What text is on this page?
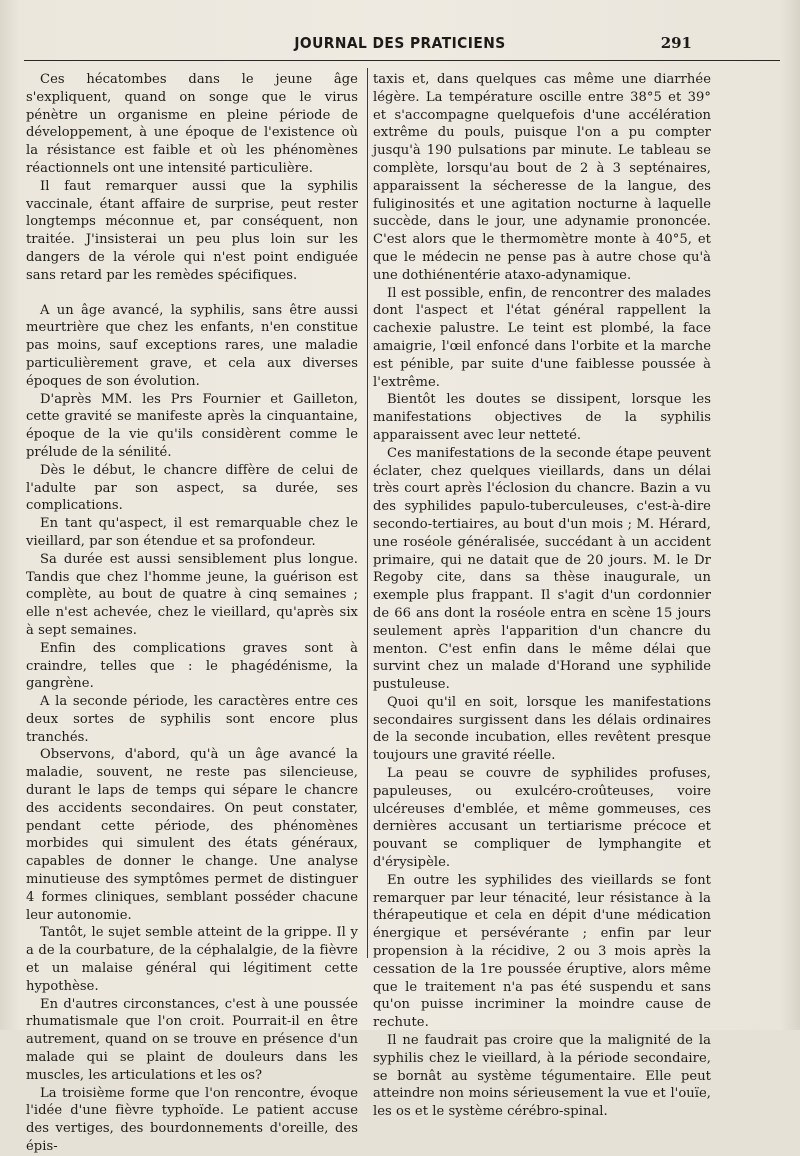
JOURNAL DES PRATICIENS	291

Ces hécatombes dans le jeune âge s'expliquent, quand on songe que le virus pénètre un organisme en pleine période de développement, à une époque de l'existence où la résistance est faible et où les phénomènes réactionnels ont une intensité particulière.

Il faut remarquer aussi que la syphilis vaccinale, étant affaire de surprise, peut rester longtemps méconnue et, par conséquent, non traitée. J'insisterai un peu plus loin sur les dangers de la vérole qui n'est point endiguée sans retard par les remèdes spécifiques.

A un âge avancé, la syphilis, sans être aussi meurtrière que chez les enfants, n'en constitue pas moins, sauf exceptions rares, une maladie particulièrement grave, et cela aux diverses époques de son évolution.

D'après MM. les Prs Fournier et Gailleton, cette gravité se manifeste après la cinquantaine, époque de la vie qu'ils considèrent comme le prélude de la sénilité.

Dès le début, le chancre diffère de celui de l'adulte par son aspect, sa durée, ses complications.

En tant qu'aspect, il est remarquable chez le vieillard, par son étendue et sa profondeur.

Sa durée est aussi sensiblement plus longue. Tandis que chez l'homme jeune, la guérison est complète, au bout de quatre à cinq semaines ; elle n'est achevée, chez le vieillard, qu'après six à sept semaines.

Enfin des complications graves sont à craindre, telles que : le phagédénisme, la gangrène.

A la seconde période, les caractères entre ces deux sortes de syphilis sont encore plus tranchés.

Observons, d'abord, qu'à un âge avancé la maladie, souvent, ne reste pas silencieuse, durant le laps de temps qui sépare le chancre des accidents secondaires. On peut constater, pendant cette période, des phénomènes morbides qui simulent des états généraux, capables de donner le change. Une analyse minutieuse des symptômes permet de distinguer 4 formes cliniques, semblant posséder chacune leur autonomie.

Tantôt, le sujet semble atteint de la grippe. Il y a de la courbature, de la céphalalgie, de la fièvre et un malaise général qui légitiment cette hypothèse.

En d'autres circonstances, c'est à une poussée rhumatismale que l'on croit. Pourrait-il en être autrement, quand on se trouve en présence d'un malade qui se plaint de douleurs dans les muscles, les articulations et les os?

La troisième forme que l'on rencontre, évoque l'idée d'une fièvre typhoïde. Le patient accuse des vertiges, des bourdonnements d'oreille, des épis-

taxis et, dans quelques cas même une diarrhée légère. La température oscille entre 38°5 et 39° et s'accompagne quelquefois d'une accélération extrême du pouls, puisque l'on a pu compter jusqu'à 190 pulsations par minute. Le tableau se complète, lorsqu'au bout de 2 à 3 septénaires, apparaissent la sécheresse de la langue, des fuliginosités et une agitation nocturne à laquelle succède, dans le jour, une adynamie prononcée. C'est alors que le thermomètre monte à 40°5, et que le médecin ne pense pas à autre chose qu'à une dothiénentérie ataxo-adynamique.

Il est possible, enfin, de rencontrer des malades dont l'aspect et l'état général rappellent la cachexie palustre. Le teint est plombé, la face amaigrie, l'œil enfoncé dans l'orbite et la marche est pénible, par suite d'une faiblesse poussée à l'extrême.

Bientôt les doutes se dissipent, lorsque les manifestations objectives de la syphilis apparaissent avec leur netteté.

Ces manifestations de la seconde étape peuvent éclater, chez quelques vieillards, dans un délai très court après l'éclosion du chancre. Bazin a vu des syphilides papulo-tuberculeuses, c'est-à-dire secondo-tertiaires, au bout d'un mois ; M. Hérard, une roséole généralisée, succédant à un accident primaire, qui ne datait que de 20 jours. M. le Dr Regoby cite, dans sa thèse inaugurale, un exemple plus frappant. Il s'agit d'un cordonnier de 66 ans dont la roséole entra en scène 15 jours seulement après l'apparition d'un chancre du menton. C'est enfin dans le même délai que survint chez un malade d'Horand une syphilide pustuleuse.

Quoi qu'il en soit, lorsque les manifestations secondaires surgissent dans les délais ordinaires de la seconde incubation, elles revêtent presque toujours une gravité réelle.

La peau se couvre de syphilides profuses, papuleuses, ou exulcéro-croûteuses, voire ulcéreuses d'emblée, et même gommeuses, ces dernières accusant un tertiarisme précoce et pouvant se compliquer de lymphangite et d'érysipèle.

En outre les syphilides des vieillards se font remarquer par leur ténacité, leur résistance à la thérapeutique et cela en dépit d'une médication énergique et persévérante ; enfin par leur propension à la récidive, 2 ou 3 mois après la cessation de la 1re poussée éruptive, alors même que le traitement n'a pas été suspendu et sans qu'on puisse incriminer la moindre cause de rechute.

Il ne faudrait pas croire que la malignité de la syphilis chez le vieillard, à la période secondaire, se bornât au système tégumentaire. Elle peut atteindre non moins sérieusement la vue et l'ouïe, les os et le système cérébro-spinal.
